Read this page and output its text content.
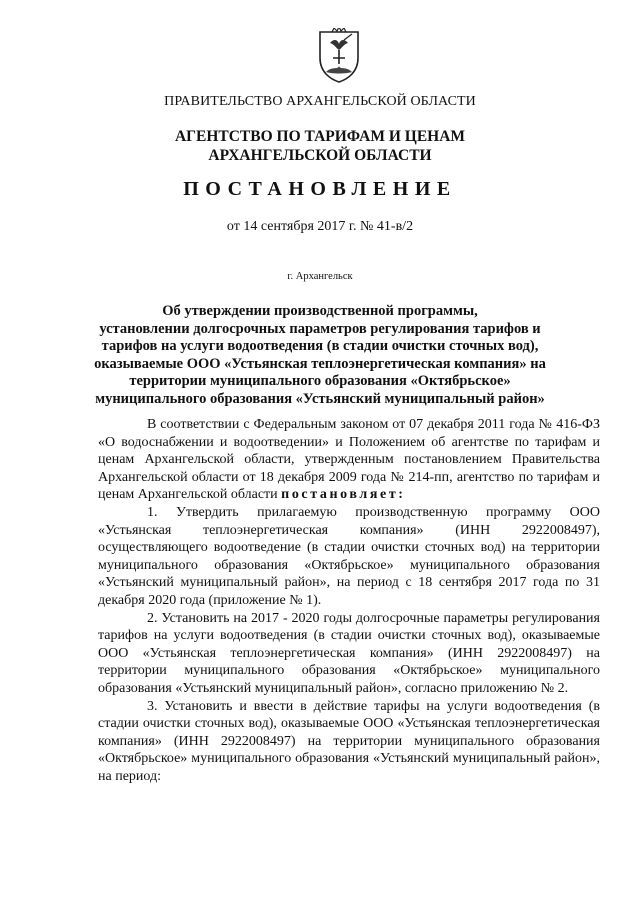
ПРАВИТЕЛЬСТВО АРХАНГЕЛЬСКОЙ ОБЛАСТИ
АГЕНТСТВО ПО ТАРИФАМ И ЦЕНАМ
АРХАНГЕЛЬСКОЙ ОБЛАСТИ
ПОСТАНОВЛЕНИЕ
от 14 сентября 2017 г. № 41-в/2
г. Архангельск
Об утверждении производственной программы,
установлении долгосрочных параметров регулирования тарифов и
тарифов на услуги водоотведения (в стадии очистки сточных вод),
оказываемые ООО «Устьянская теплоэнергетическая компания» на
территории муниципального образования «Октябрьское»
муниципального образования «Устьянский муниципальный район»

В соответствии с Федеральным законом от 07 декабря 2011 года № 416-ФЗ «О водоснабжении и водоотведении» и Положением об агентстве по тарифам и ценам Архангельской области, утвержденным постановлением Правительства Архангельской области от 18 декабря 2009 года № 214-пп, агентство по тарифам и ценам Архангельской области постановляет:

1. Утвердить прилагаемую производственную программу ООО «Устьянская теплоэнергетическая компания» (ИНН 2922008497), осуществляющего водоотведение (в стадии очистки сточных вод) на территории муниципального образования «Октябрьское» муниципального образования «Устьянский муниципальный район», на период с 18 сентября 2017 года по 31 декабря 2020 года (приложение № 1).

2. Установить на 2017 - 2020 годы долгосрочные параметры регулирования тарифов на услуги водоотведения (в стадии очистки сточных вод), оказываемые ООО «Устьянская теплоэнергетическая компания» (ИНН 2922008497) на территории муниципального образования «Октябрьское» муниципального образования «Устьянский муниципальный район», согласно приложению № 2.

3. Установить и ввести в действие тарифы на услуги водоотведения (в стадии очистки сточных вод), оказываемые ООО «Устьянская теплоэнергетическая компания» (ИНН 2922008497) на территории муниципального образования «Октябрьское» муниципального образования «Устьянский муниципальный район», на период:
